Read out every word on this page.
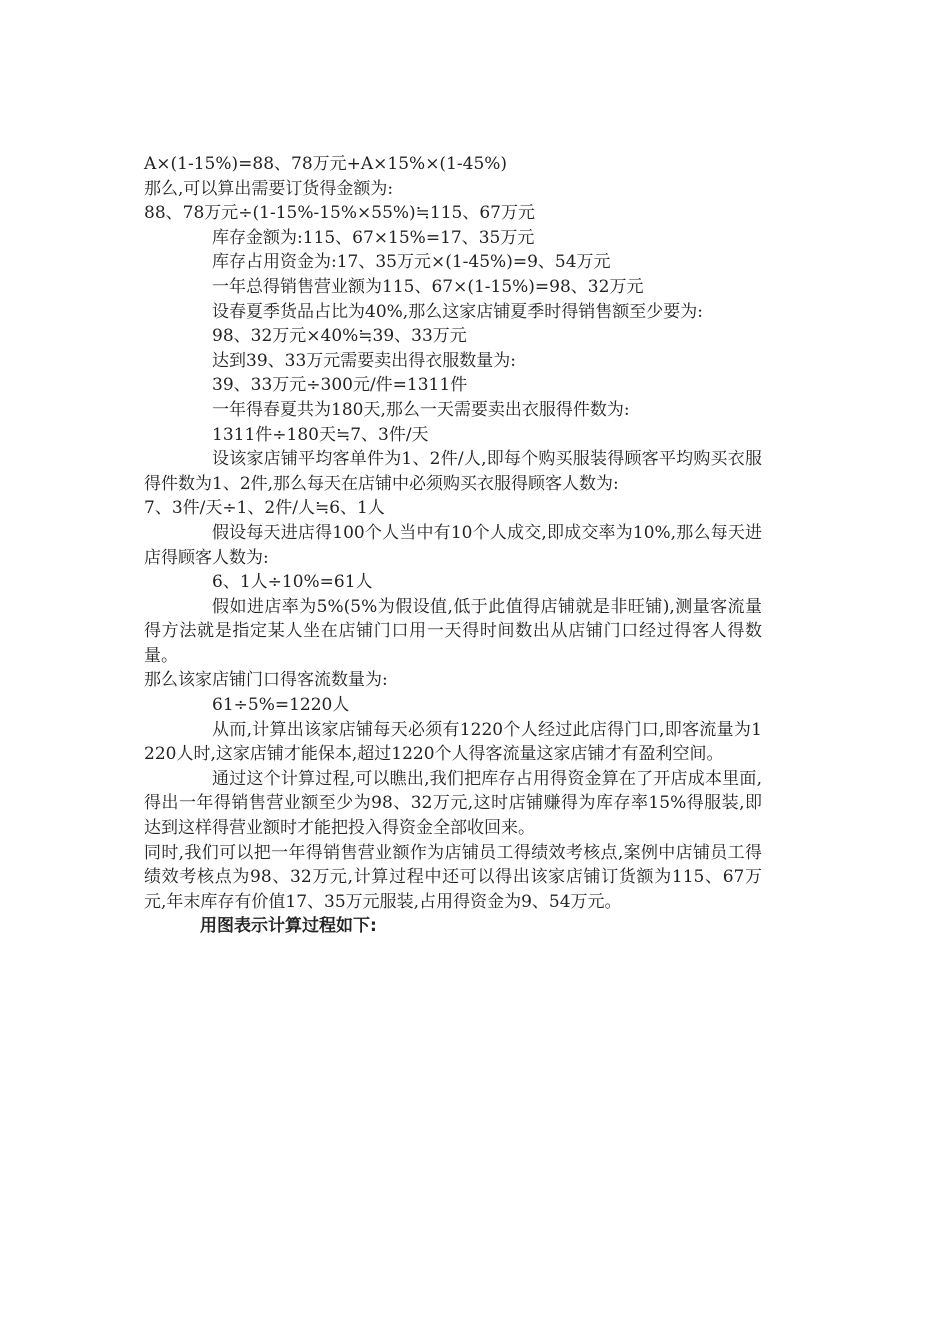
A×(1-15%)=88、78万元+A×15%×(1-45%)

那么,可以算出需要订货得金额为:

88、78万元÷(1-15%-15%×55%)≒115、67万元

库存金额为:115、67×15%=17、35万元

库存占用资金为:17、35万元×(1-45%)=9、54万元

一年总得销售营业额为115、67×(1-15%)=98、32万元

设春夏季货品占比为40%,那么这家店铺夏季时得销售额至少要为:

98、32万元×40%≒39、33万元

达到39、33万元需要卖出得衣服数量为:

39、33万元÷300元/件=1311件

一年得春夏共为180天,那么一天需要卖出衣服得件数为:

1311件÷180天≒7、3件/天

设该家店铺平均客单件为1、2件/人,即每个购买服装得顾客平均购买衣服得件数为1、2件,那么每天在店铺中必须购买衣服得顾客人数为:

7、3件/天÷1、2件/人≒6、1人

假设每天进店得100个人当中有10个人成交,即成交率为10%,那么每天进店得顾客人数为:

6、1人÷10%=61人

假如进店率为5%(5%为假设值,低于此值得店铺就是非旺铺),测量客流量得方法就是指定某人坐在店铺门口用一天得时间数出从店铺门口经过得客人得数量。

那么该家店铺门口得客流数量为:

61÷5%=1220人

从而,计算出该家店铺每天必须有1220个人经过此店得门口,即客流量为1220人时,这家店铺才能保本,超过1220个人得客流量这家店铺才有盈利空间。

通过这个计算过程,可以瞧出,我们把库存占用得资金算在了开店成本里面,得出一年得销售营业额至少为98、32万元,这时店铺赚得为库存率15%得服装,即达到这样得营业额时才能把投入得资金全部收回来。

同时,我们可以把一年得销售营业额作为店铺员工得绩效考核点,案例中店铺员工得绩效考核点为98、32万元,计算过程中还可以得出该家店铺订货额为115、67万元,年末库存有价值17、35万元服装,占用得资金为9、54万元。

用图表示计算过程如下:
